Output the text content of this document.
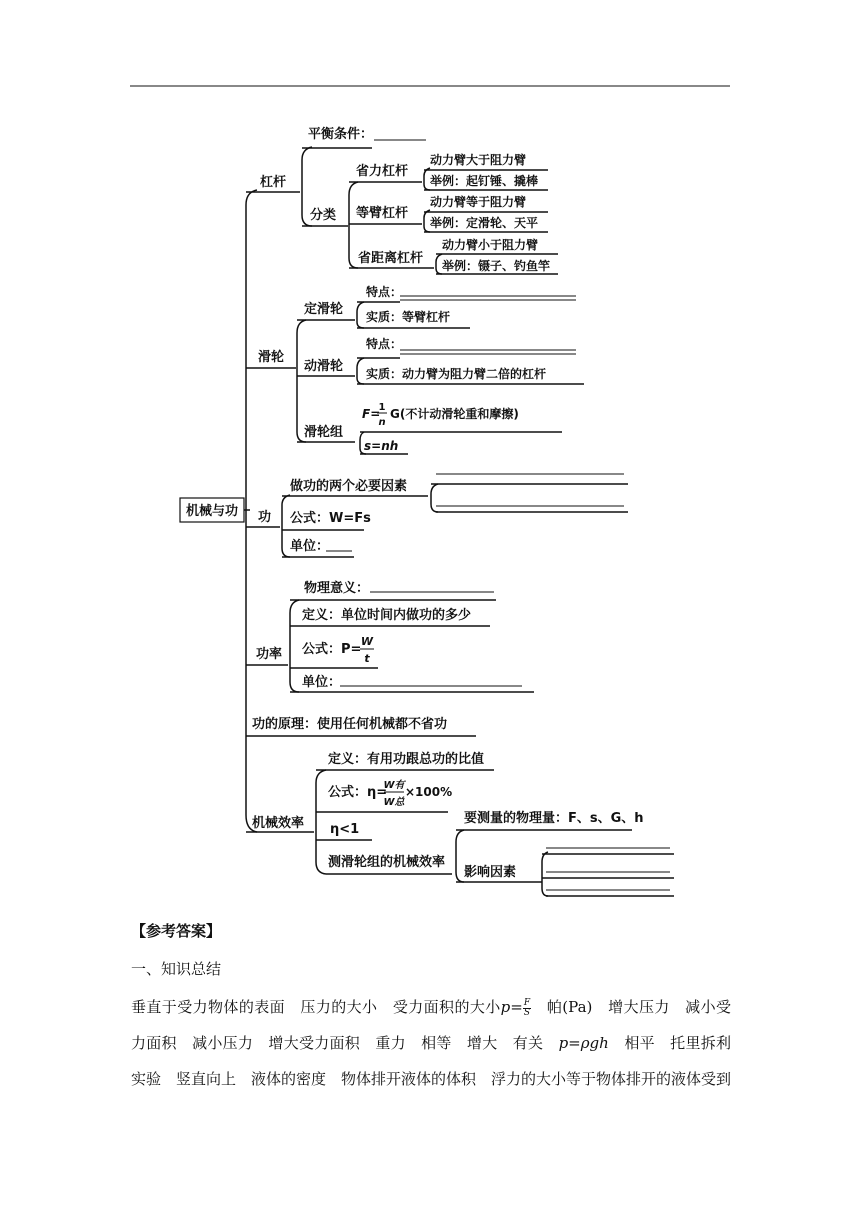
机械与功
杠杆
平衡条件：
分类
省力杠杆
动力臂大于阻力臂
举例：起钉锤、撬棒
等臂杠杆
动力臂等于阻力臂
举例：定滑轮、天平
省距离杠杆
动力臂小于阻力臂
举例：镊子、钓鱼竿
滑轮
定滑轮
特点：
实质：等臂杠杆
动滑轮
特点：
实质：动力臂为阻力臂二倍的杠杆
滑轮组
F=
1
n
G(不计动滑轮重和摩擦)
s=nh
功
做功的两个必要因素
公式：W=Fs
单位：
功率
物理意义：
定义：单位时间内做功的多少
公式：P=
W
t
单位：
功的原理：使用任何机械都不省功
机械效率
定义：有用功跟总功的比值
公式：η=
W有
W总
×100%
η<1
测滑轮组的机械效率
要测量的物理量：F、s、G、h
影响因素
【参考答案】
一、知识总结
垂直于受力物体的表面　压力的大小　受力面积的大小$p= \frac{F}{S}$ 　帕(Pa)　增大压力　减小受力面积　减小压力　增大受力面积　重力　相等　增大　有关　p=ρgh　相平　托里拆利实验　竖直向上　液体的密度　物体排开液体的体积　浮力的大小等于物体排开的液体受到
